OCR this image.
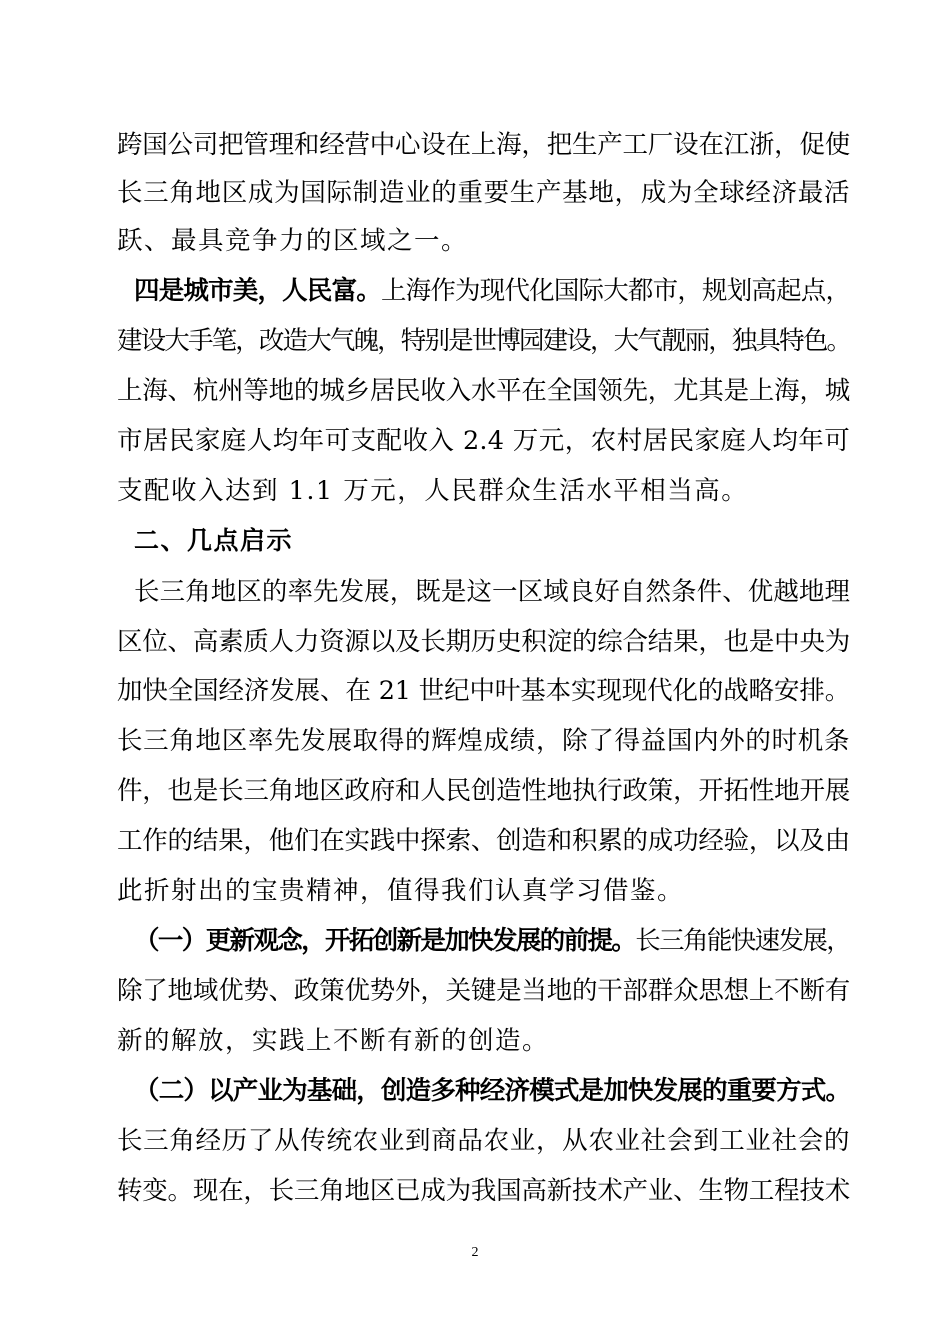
跨国公司把管理和经营中心设在上海，把生产工厂设在江浙，促使
长三角地区成为国际制造业的重要生产基地，成为全球经济最活
跃、最具竞争力的区域之一。
四是城市美，人民富。上海作为现代化国际大都市，规划高起点，
建设大手笔，改造大气魄，特别是世博园建设，大气靓丽，独具特色。
上海、杭州等地的城乡居民收入水平在全国领先，尤其是上海，城
市居民家庭人均年可支配收入 2.4 万元，农村居民家庭人均年可
支配收入达到 1.1 万元，人民群众生活水平相当高。
二、几点启示
长三角地区的率先发展，既是这一区域良好自然条件、优越地理
区位、高素质人力资源以及长期历史积淀的综合结果，也是中央为
加快全国经济发展、在 21 世纪中叶基本实现现代化的战略安排。
长三角地区率先发展取得的辉煌成绩，除了得益国内外的时机条
件，也是长三角地区政府和人民创造性地执行政策，开拓性地开展
工作的结果，他们在实践中探索、创造和积累的成功经验，以及由
此折射出的宝贵精神，值得我们认真学习借鉴。
（一）更新观念，开拓创新是加快发展的前提。长三角能快速发展，
除了地域优势、政策优势外，关键是当地的干部群众思想上不断有
新的解放，实践上不断有新的创造。
（二）以产业为基础，创造多种经济模式是加快发展的重要方式。
长三角经历了从传统农业到商品农业，从农业社会到工业社会的
转变。现在，长三角地区已成为我国高新技术产业、生物工程技术
2
